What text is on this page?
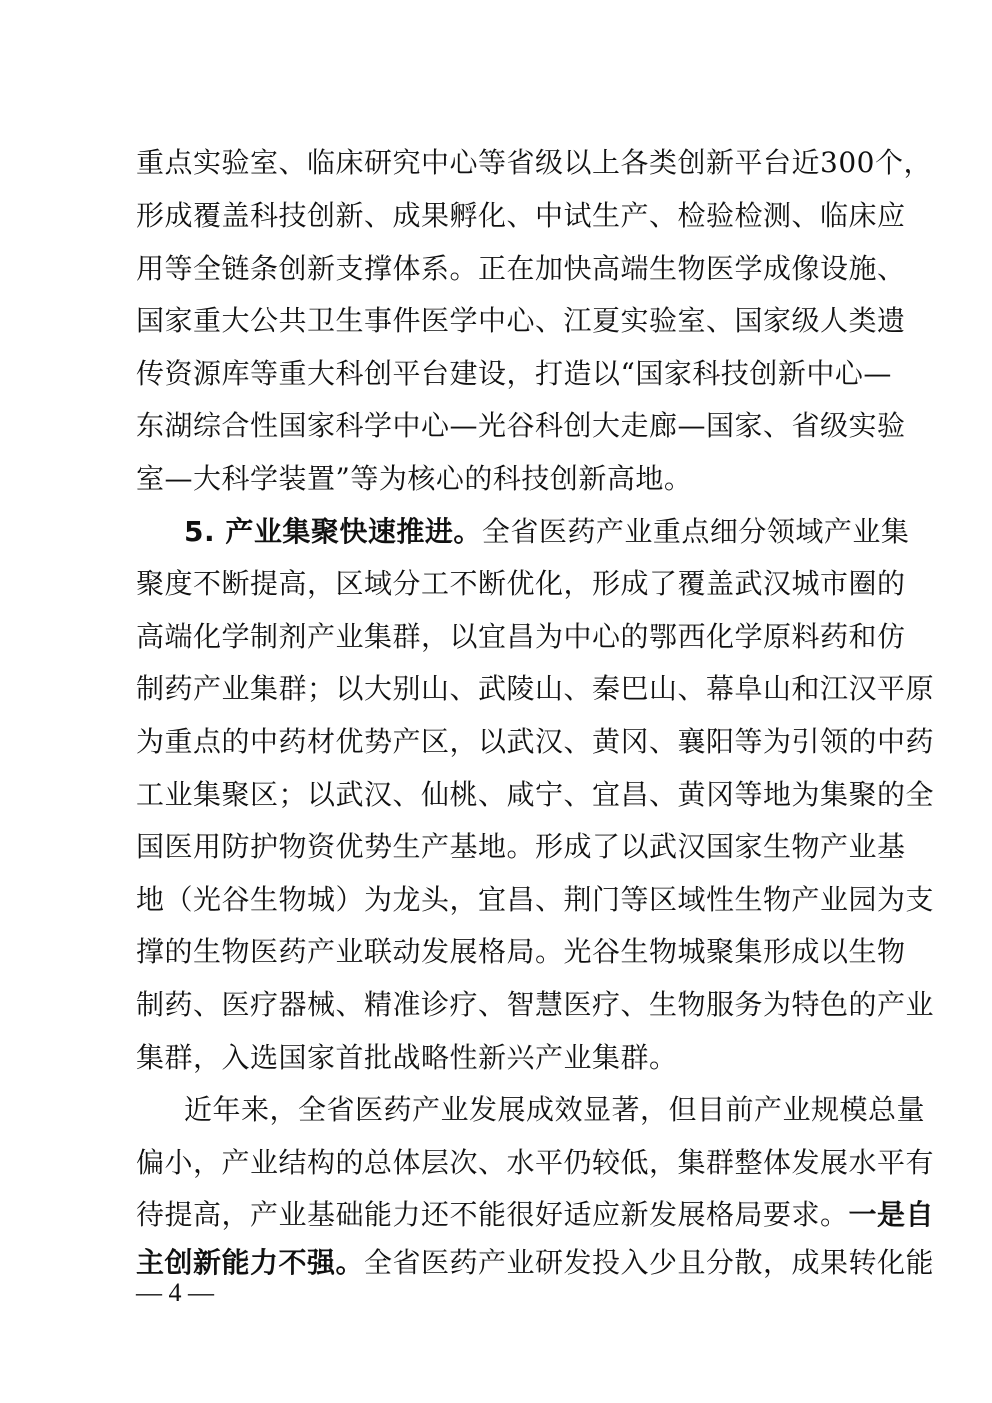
重点实验室、临床研究中心等省级以上各类创新平台近300个，
形成覆盖科技创新、成果孵化、中试生产、检验检测、临床应
用等全链条创新支撑体系。正在加快高端生物医学成像设施、
国家重大公共卫生事件医学中心、江夏实验室、国家级人类遗
传资源库等重大科创平台建设，打造以“国家科技创新中心—
东湖综合性国家科学中心—光谷科创大走廊—国家、省级实验
室—大科学装置”等为核心的科技创新高地。
5. 产业集聚快速推进。全省医药产业重点细分领域产业集
聚度不断提高，区域分工不断优化，形成了覆盖武汉城市圈的
高端化学制剂产业集群，以宜昌为中心的鄂西化学原料药和仿
制药产业集群；以大别山、武陵山、秦巴山、幕阜山和江汉平原
为重点的中药材优势产区，以武汉、黄冈、襄阳等为引领的中药
工业集聚区；以武汉、仙桃、咸宁、宜昌、黄冈等地为集聚的全
国医用防护物资优势生产基地。形成了以武汉国家生物产业基
地（光谷生物城）为龙头，宜昌、荆门等区域性生物产业园为支
撑的生物医药产业联动发展格局。光谷生物城聚集形成以生物
制药、医疗器械、精准诊疗、智慧医疗、生物服务为特色的产业
集群，入选国家首批战略性新兴产业集群。
近年来，全省医药产业发展成效显著，但目前产业规模总量
偏小，产业结构的总体层次、水平仍较低，集群整体发展水平有
待提高，产业基础能力还不能很好适应新发展格局要求。一是自
主创新能力不强。全省医药产业研发投入少且分散，成果转化能
— 4 —
